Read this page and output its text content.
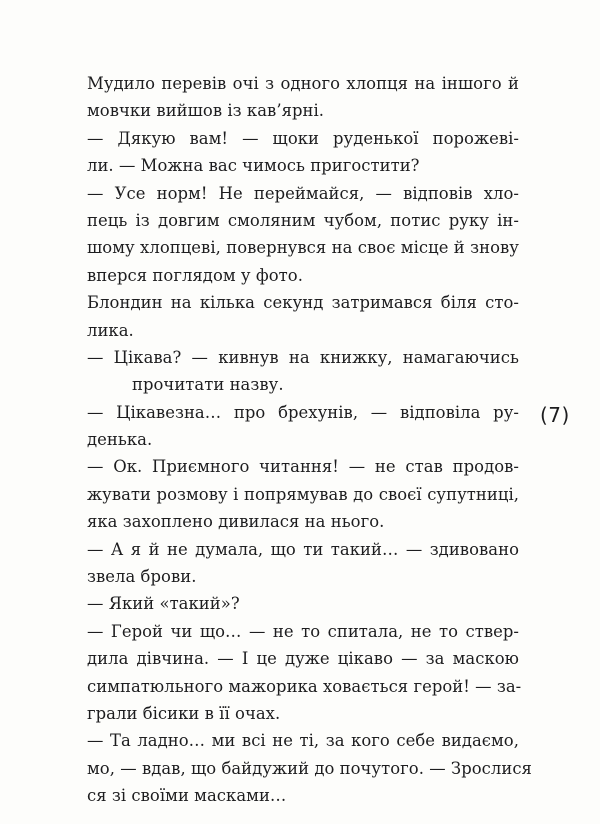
Мудило перевів очі з одного хлопця на іншого й
мовчки вийшов із кав’ярні.
— Дякую вам! — щоки руденької порожеві-
ли. — Можна вас чимось пригостити?
— Усе норм! Не переймайся, — відповів хло-
пець із довгим смоляним чубом, потис руку ін-
шому хлопцеві, повернувся на своє місце й знову
вперся поглядом у фото.
Блондин на кілька секунд затримався біля сто-
лика.
— Цікава? — кивнув на книжку, намагаючись
прочитати назву.
— Цікавезна… про брехунів, — відповіла ру-
денька.
— Ок. Приємного читання! — не став продов-
жувати розмову і попрямував до своєї супутниці,
яка захоплено дивилася на нього.
— А я й не думала, що ти такий… — здивовано
звела брови.
— Який «такий»?
— Герой чи що… — не то спитала, не то ствер-
дила дівчина. — І це дуже цікаво — за маскою
симпатюльного мажорика ховається герой! — за-
грали бісики в її очах.
— Та ладно… ми всі не ті, за кого себе видаємо,
мо, — вдав, що байдужий до почутого. — Зрослися
ся зі своїми масками…
(7)
